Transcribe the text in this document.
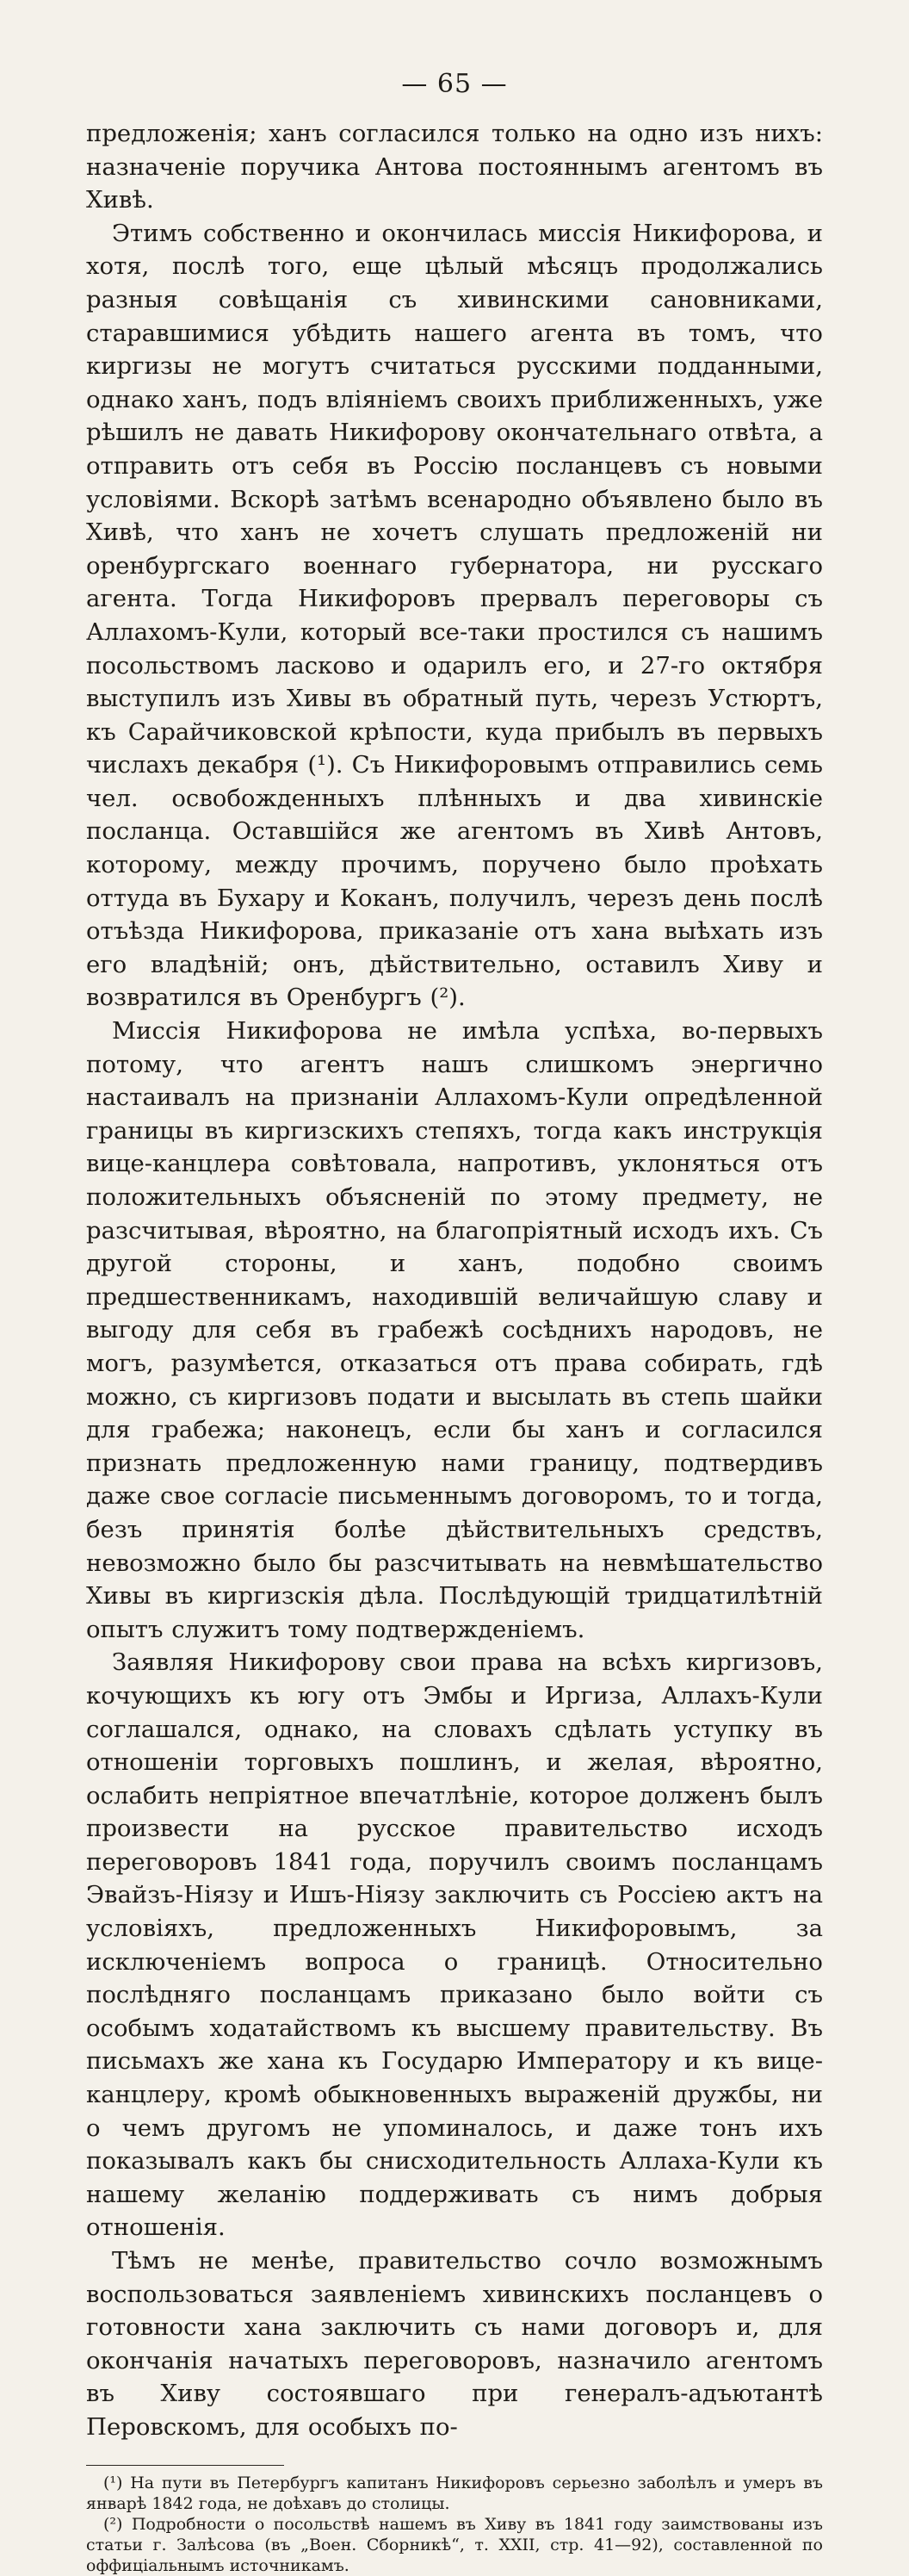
— 65 —

предложенія; ханъ согласился только на одно изъ нихъ: назначеніе поручика Антова постояннымъ агентомъ въ Хивѣ.

Этимъ собственно и окончилась миссія Никифорова, и хотя, послѣ того, еще цѣлый мѣсяцъ продолжались разныя совѣщанія съ хивинскими сановниками, старавшимися убѣдить нашего агента въ томъ, что киргизы не могутъ считаться русскими подданными, однако ханъ, подъ вліяніемъ своихъ приближенныхъ, уже рѣшилъ не давать Никифорову окончательнаго отвѣта, а отправить отъ себя въ Россію посланцевъ съ новыми условіями. Вскорѣ затѣмъ всенародно объявлено было въ Хивѣ, что ханъ не хочетъ слушать предложеній ни оренбургскаго военнаго губернатора, ни русскаго агента. Тогда Никифоровъ прервалъ переговоры съ Аллахомъ-Кули, который все-таки простился съ нашимъ посольствомъ ласково и одарилъ его, и 27-го октября выступилъ изъ Хивы въ обратный путь, черезъ Устюртъ, къ Сарайчиковской крѣпости, куда прибылъ въ первыхъ числахъ декабря (¹). Съ Никифоровымъ отправились семь чел. освобожденныхъ плѣнныхъ и два хивинскіе посланца. Оставшійся же агентомъ въ Хивѣ Антовъ, которому, между прочимъ, поручено было проѣхать оттуда въ Бухару и Коканъ, получилъ, черезъ день послѣ отъѣзда Никифорова, приказаніе отъ хана выѣхать изъ его владѣній; онъ, дѣйствительно, оставилъ Хиву и возвратился въ Оренбургъ (²).

Миссія Никифорова не имѣла успѣха, во-первыхъ потому, что агентъ нашъ слишкомъ энергично настаивалъ на признаніи Аллахомъ-Кули опредѣленной границы въ киргизскихъ степяхъ, тогда какъ инструкція вице-канцлера совѣтовала, напротивъ, уклоняться отъ положительныхъ объясненій по этому предмету, не разсчитывая, вѣроятно, на благопріятный исходъ ихъ. Съ другой стороны, и ханъ, подобно своимъ предшественникамъ, находившій величайшую славу и выгоду для себя въ грабежѣ сосѣднихъ народовъ, не могъ, разумѣется, отказаться отъ права собирать, гдѣ можно, съ киргизовъ подати и высылать въ степь шайки для грабежа; наконецъ, если бы ханъ и согласился признать предложенную нами границу, подтвердивъ даже свое согласіе письменнымъ договоромъ, то и тогда, безъ принятія болѣе дѣйствительныхъ средствъ, невозможно было бы разсчитывать на невмѣшательство Хивы въ киргизскія дѣла. Послѣдующій тридцатилѣтній опытъ служитъ тому подтвержденіемъ.

Заявляя Никифорову свои права на всѣхъ киргизовъ, кочующихъ къ югу отъ Эмбы и Иргиза, Аллахъ-Кули соглашался, однако, на словахъ сдѣлать уступку въ отношеніи торговыхъ пошлинъ, и желая, вѣроятно, ослабить непріятное впечатлѣніе, которое долженъ былъ произвести на русское правительство исходъ переговоровъ 1841 года, поручилъ своимъ посланцамъ Эвайзъ-Ніязу и Ишъ-Ніязу заключить съ Россіею актъ на условіяхъ, предложенныхъ Никифоровымъ, за исключеніемъ вопроса о границѣ. Относительно послѣдняго посланцамъ приказано было войти съ особымъ ходатайствомъ къ высшему правительству. Въ письмахъ же хана къ Государю Императору и къ вице-канцлеру, кромѣ обыкновенныхъ выраженій дружбы, ни о чемъ другомъ не упоминалось, и даже тонъ ихъ показывалъ какъ бы снисходительность Аллаха-Кули къ нашему желанію поддерживать съ нимъ добрыя отношенія.

Тѣмъ не менѣе, правительство сочло возможнымъ воспользоваться заявленіемъ хивинскихъ посланцевъ о готовности хана заключить съ нами договоръ и, для окончанія начатыхъ переговоровъ, назначило агентомъ въ Хиву состоявшаго при генералъ-адъютантѣ Перовскомъ, для особыхъ по-

(¹) На пути въ Петербургъ капитанъ Никифоровъ серьезно заболѣлъ и умеръ въ январѣ 1842 года, не доѣхавъ до столицы.

(²) Подробности о посольствѣ нашемъ въ Хиву въ 1841 году заимствованы изъ статьи г. Залѣсова (въ „Воен. Сборникѣ“, т. XXII, стр. 41—92), составленной по оффиціальнымъ источникамъ.
